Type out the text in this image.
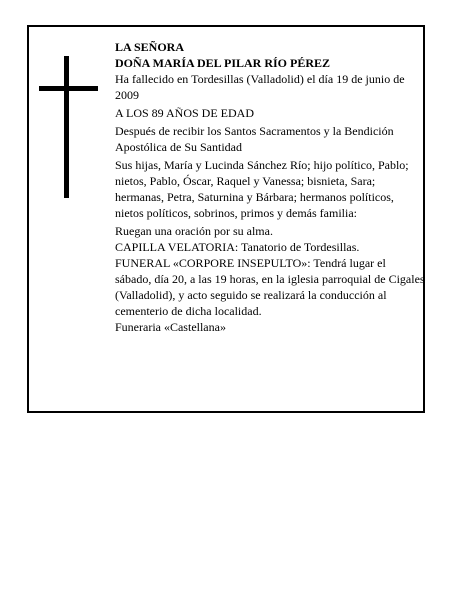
LA SEÑORA

DOÑA MARÍA DEL PILAR RÍO PÉREZ

Ha fallecido en Tordesillas (Valladolid) el día 19 de junio de 2009

A LOS 89 AÑOS DE EDAD

Después de recibir los Santos Sacramentos y la Bendición Apostólica de Su Santidad

Sus hijas, María y Lucinda Sánchez Río; hijo político, Pablo; nietos, Pablo, Óscar, Raquel y Vanessa; bisnieta, Sara; hermanas, Petra, Saturnina y Bárbara; hermanos políticos, nietos políticos, sobrinos, primos y demás familia:

Ruegan una oración por su alma.

CAPILLA VELATORIA: Tanatorio de Tordesillas.

FUNERAL «CORPORE INSEPULTO»: Tendrá lugar el sábado, día 20, a las 19 horas, en la iglesia parroquial de Cigales (Valladolid), y acto seguido se realizará la conducción al cementerio de dicha localidad.

Funeraria «Castellana»
